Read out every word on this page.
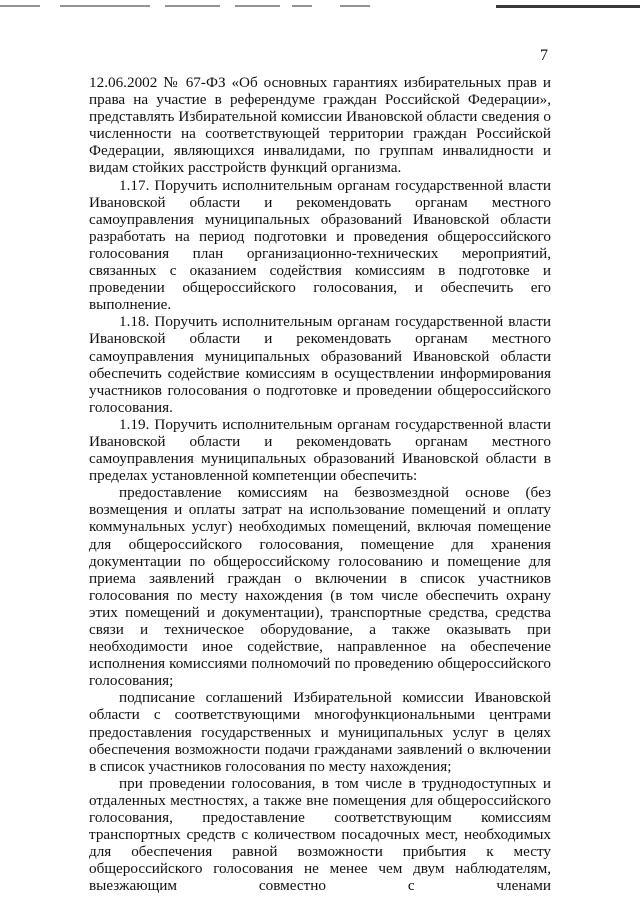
7

12.06.2002 № 67-ФЗ «Об основных гарантиях избирательных прав и права на участие в референдуме граждан Российской Федерации», представлять Избирательной комиссии Ивановской области сведения о численности на соответствующей территории граждан Российской Федерации, являющихся инвалидами, по группам инвалидности и видам стойких расстройств функций организма.

1.17. Поручить исполнительным органам государственной власти Ивановской области и рекомендовать органам местного самоуправления муниципальных образований Ивановской области разработать на период подготовки и проведения общероссийского голосования план организационно-технических мероприятий, связанных с оказанием содействия комиссиям в подготовке и проведении общероссийского голосования, и обеспечить его выполнение.

1.18. Поручить исполнительным органам государственной власти Ивановской области и рекомендовать органам местного самоуправления муниципальных образований Ивановской области обеспечить содействие комиссиям в осуществлении информирования участников голосования о подготовке и проведении общероссийского голосования.

1.19. Поручить исполнительным органам государственной власти Ивановской области и рекомендовать органам местного самоуправления муниципальных образований Ивановской области в пределах установленной компетенции обеспечить:

предоставление комиссиям на безвозмездной основе (без возмещения и оплаты затрат на использование помещений и оплату коммунальных услуг) необходимых помещений, включая помещение для общероссийского голосования, помещение для хранения документации по общероссийскому голосованию и помещение для приема заявлений граждан о включении в список участников голосования по месту нахождения (в том числе обеспечить охрану этих помещений и документации), транспортные средства, средства связи и техническое оборудование, а также оказывать при необходимости иное содействие, направленное на обеспечение исполнения комиссиями полномочий по проведению общероссийского голосования;

подписание соглашений Избирательной комиссии Ивановской области с соответствующими многофункциональными центрами предоставления государственных и муниципальных услуг в целях обеспечения возможности подачи гражданами заявлений о включении в список участников голосования по месту нахождения;

при проведении голосования, в том числе в труднодоступных и отдаленных местностях, а также вне помещения для общероссийского голосования, предоставление соответствующим комиссиям транспортных средств с количеством посадочных мест, необходимых для обеспечения равной возможности прибытия к месту общероссийского голосования не менее чем двум наблюдателям, выезжающим совместно с членами
